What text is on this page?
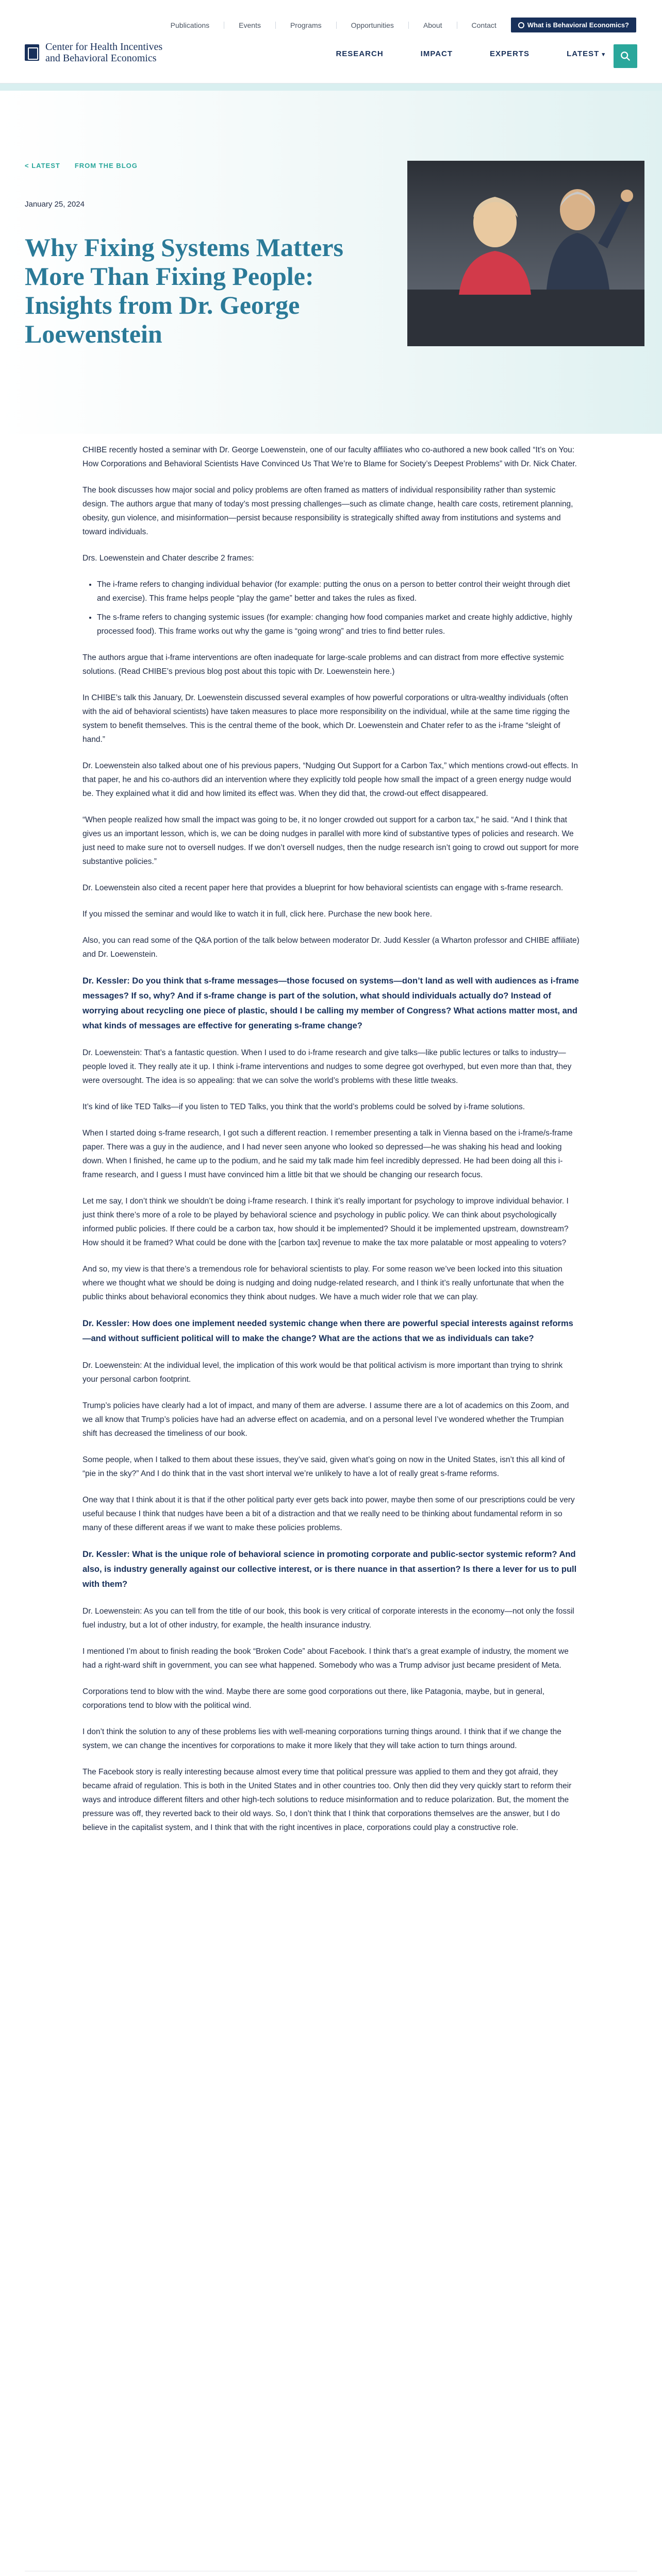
Publications	Events	Programs	Opportunities	About	Contact	What is Behavioral Economics?
Center for Health Incentives
and Behavioral Economics	RESEARCH	IMPACT	EXPERTS	LATEST ▾
< LATEST FROM THE BLOG
January 25, 2024
Why Fixing Systems Matters More Than Fixing People: Insights from Dr. George Loewenstein

CHIBE recently hosted a seminar with Dr. George Loewenstein, one of our faculty affiliates who co-authored a new book called “It’s on You: How Corporations and Behavioral Scientists Have Convinced Us That We’re to Blame for Society’s Deepest Problems” with Dr. Nick Chater.

The book discusses how major social and policy problems are often framed as matters of individual responsibility rather than systemic design. The authors argue that many of today’s most pressing challenges—such as climate change, health care costs, retirement planning, obesity, gun violence, and misinformation—persist because responsibility is strategically shifted away from institutions and systems and toward individuals.

Drs. Loewenstein and Chater describe 2 frames:

• The i-frame refers to changing individual behavior (for example: putting the onus on a person to better control their weight through diet and exercise). This frame helps people “play the game” better and takes the rules as fixed.
• The s-frame refers to changing systemic issues (for example: changing how food companies market and create highly addictive, highly processed food). This frame works out why the game is “going wrong” and tries to find better rules.

The authors argue that i-frame interventions are often inadequate for large-scale problems and can distract from more effective systemic solutions. (Read CHIBE’s previous blog post about this topic with Dr. Loewenstein here.)

In CHIBE’s talk this January, Dr. Loewenstein discussed several examples of how powerful corporations or ultra-wealthy individuals (often with the aid of behavioral scientists) have taken measures to place more responsibility on the individual, while at the same time rigging the system to benefit themselves. This is the central theme of the book, which Dr. Loewenstein and Chater refer to as the i-frame “sleight of hand.”

Dr. Loewenstein also talked about one of his previous papers, “Nudging Out Support for a Carbon Tax,” which mentions crowd-out effects. In that paper, he and his co-authors did an intervention where they explicitly told people how small the impact of a green energy nudge would be. They explained what it did and how limited its effect was. When they did that, the crowd-out effect disappeared.

“When people realized how small the impact was going to be, it no longer crowded out support for a carbon tax,” he said. “And I think that gives us an important lesson, which is, we can be doing nudges in parallel with more kind of substantive types of policies and research. We just need to make sure not to oversell nudges. If we don’t oversell nudges, then the nudge research isn’t going to crowd out support for more substantive policies.”

Dr. Loewenstein also cited a recent paper here that provides a blueprint for how behavioral scientists can engage with s-frame research.

If you missed the seminar and would like to watch it in full, click here. Purchase the new book here.

Also, you can read some of the Q&A portion of the talk below between moderator Dr. Judd Kessler (a Wharton professor and CHIBE affiliate) and Dr. Loewenstein.

Dr. Kessler: Do you think that s-frame messages—those focused on systems—don’t land as well with audiences as i-frame messages? If so, why? And if s-frame change is part of the solution, what should individuals actually do? Instead of worrying about recycling one piece of plastic, should I be calling my member of Congress? What actions matter most, and what kinds of messages are effective for generating s-frame change?

Dr. Loewenstein: That’s a fantastic question. When I used to do i-frame research and give talks—like public lectures or talks to industry—people loved it. They really ate it up. I think i-frame interventions and nudges to some degree got overhyped, but even more than that, they were oversought. The idea is so appealing: that we can solve the world’s problems with these little tweaks.

It’s kind of like TED Talks—if you listen to TED Talks, you think that the world’s problems could be solved by i-frame solutions.

When I started doing s-frame research, I got such a different reaction. I remember presenting a talk in Vienna based on the i-frame/s-frame paper. There was a guy in the audience, and I had never seen anyone who looked so depressed—he was shaking his head and looking down. When I finished, he came up to the podium, and he said my talk made him feel incredibly depressed. He had been doing all this i-frame research, and I guess I must have convinced him a little bit that we should be changing our research focus.

Let me say, I don’t think we shouldn’t be doing i-frame research. I think it’s really important for psychology to improve individual behavior. I just think there’s more of a role to be played by behavioral science and psychology in public policy. We can think about psychologically informed public policies. If there could be a carbon tax, how should it be implemented? Should it be implemented upstream, downstream? How should it be framed? What could be done with the [carbon tax] revenue to make the tax more palatable or most appealing to voters?

And so, my view is that there’s a tremendous role for behavioral scientists to play. For some reason we’ve been locked into this situation where we thought what we should be doing is nudging and doing nudge-related research, and I think it’s really unfortunate that when the public thinks about behavioral economics they think about nudges. We have a much wider role that we can play.

Dr. Kessler: How does one implement needed systemic change when there are powerful special interests against reforms—and without sufficient political will to make the change? What are the actions that we as individuals can take?

Dr. Loewenstein: At the individual level, the implication of this work would be that political activism is more important than trying to shrink your personal carbon footprint.

Trump’s policies have clearly had a lot of impact, and many of them are adverse. I assume there are a lot of academics on this Zoom, and we all know that Trump’s policies have had an adverse effect on academia, and on a personal level I’ve wondered whether the Trumpian shift has decreased the timeliness of our book.

Some people, when I talked to them about these issues, they’ve said, given what’s going on now in the United States, isn’t this all kind of “pie in the sky?” And I do think that in the vast short interval we’re unlikely to have a lot of really great s-frame reforms.

One way that I think about it is that if the other political party ever gets back into power, maybe then some of our prescriptions could be very useful because I think that nudges have been a bit of a distraction and that we really need to be thinking about fundamental reform in so many of these different areas if we want to make these policies problems.

Dr. Kessler: What is the unique role of behavioral science in promoting corporate and public-sector systemic reform? And also, is industry generally against our collective interest, or is there nuance in that assertion? Is there a lever for us to pull with them?

Dr. Loewenstein: As you can tell from the title of our book, this book is very critical of corporate interests in the economy—not only the fossil fuel industry, but a lot of other industry, for example, the health insurance industry.

I mentioned I’m about to finish reading the book “Broken Code” about Facebook. I think that’s a great example of industry, the moment we had a right-ward shift in government, you can see what happened. Somebody who was a Trump advisor just became president of Meta.

Corporations tend to blow with the wind. Maybe there are some good corporations out there, like Patagonia, maybe, but in general, corporations tend to blow with the political wind.

I don’t think the solution to any of these problems lies with well-meaning corporations turning things around. I think that if we change the system, we can change the incentives for corporations to make it more likely that they will take action to turn things around.

The Facebook story is really interesting because almost every time that political pressure was applied to them and they got afraid, they became afraid of regulation. This is both in the United States and in other countries too. Only then did they very quickly start to reform their ways and introduce different filters and other high-tech solutions to reduce misinformation and to reduce polarization. But, the moment the pressure was off, they reverted back to their old ways. So, I don’t think that I think that corporations themselves are the answer, but I do believe in the capitalist system, and I think that with the right incentives in place, corporations could play a constructive role.
